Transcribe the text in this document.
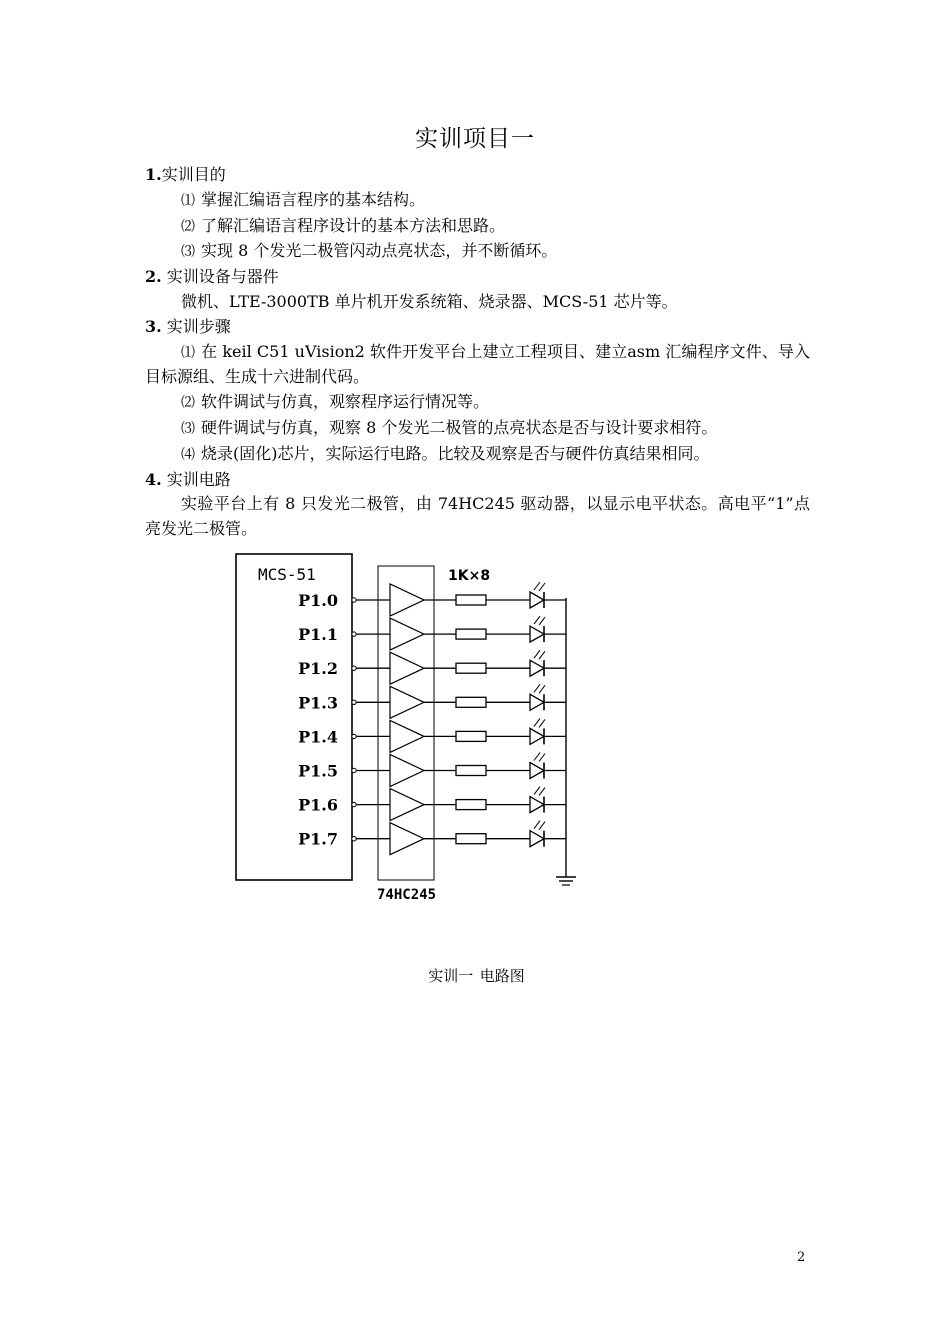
实训项目一
1.实训目的
⑴ 掌握汇编语言程序的基本结构。
⑵ 了解汇编语言程序设计的基本方法和思路。
⑶ 实现 8 个发光二极管闪动点亮状态，并不断循环。
2. 实训设备与器件
微机、LTE-3000TB 单片机开发系统箱、烧录器、MCS-51 芯片等。
3. 实训步骤
⑴ 在 keil C51 uVision2 软件开发平台上建立工程项目、建立asm 汇编程序文件、导入目标源组、生成十六进制代码。
⑵ 软件调试与仿真，观察程序运行情况等。
⑶ 硬件调试与仿真，观察 8 个发光二极管的点亮状态是否与设计要求相符。
⑷ 烧录(固化)芯片，实际运行电路。比较及观察是否与硬件仿真结果相同。
4. 实训电路
实验平台上有 8 只发光二极管，由 74HC245 驱动器，以显示电平状态。高电平“1”点亮发光二极管。
MCS-51
74HC245
1K×8
P1.0
P1.1
P1.2
P1.3
P1.4
P1.5
P1.6
P1.7
实训一 电路图
2
